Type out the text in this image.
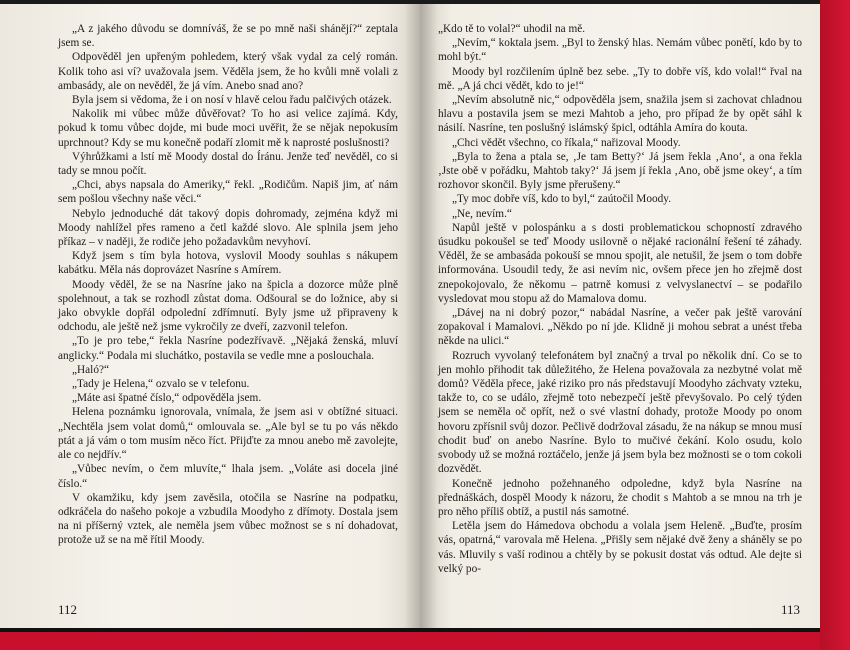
„A z jakého důvodu se domníváš, že se po mně naši shánějí?“ zeptala jsem se.

Odpověděl jen upřeným pohledem, který však vydal za celý román. Kolik toho asi ví? uvažovala jsem. Věděla jsem, že ho kvůli mně volali z ambasády, ale on nevěděl, že já vím. Anebo snad ano?

Byla jsem si vědoma, že i on nosí v hlavě celou řadu palčivých otázek.

Nakolik mi vůbec může důvěřovat? To ho asi velice zajímá. Kdy, pokud k tomu vůbec dojde, mi bude moci uvěřit, že se nějak nepokusím uprchnout? Kdy se mu konečně podaří zlomit mě k naprosté poslušnosti?

Výhrůžkami a lstí mě Moody dostal do Íránu. Jenže teď nevěděl, co si tady se mnou počít.

„Chci, abys napsala do Ameriky,“ řekl. „Rodičům. Napiš jim, ať nám sem pošlou všechny naše věci.“

Nebylo jednoduché dát takový dopis dohromady, zejména když mi Moody nahlížel přes rameno a četl každé slovo. Ale splnila jsem jeho příkaz – v naději, že rodiče jeho požadavkům nevyhoví.

Když jsem s tím byla hotova, vyslovil Moody souhlas s nákupem kabátku. Měla nás doprovázet Nasríne s Amírem.

Moody věděl, že se na Nasríne jako na špicla a dozorce může plně spolehnout, a tak se rozhodl zůstat doma. Odšoural se do ložnice, aby si jako obvykle dopřál odpolední zdřímnutí. Byly jsme už připraveny k odchodu, ale ještě než jsme vykročily ze dveří, zazvonil telefon.

„To je pro tebe,“ řekla Nasríne podezřívavě. „Nějaká ženská, mluví anglicky.“ Podala mi sluchátko, postavila se vedle mne a poslouchala.

„Haló?“

„Tady je Helena,“ ozvalo se v telefonu.

„Máte asi špatné číslo,“ odpověděla jsem.

Helena poznámku ignorovala, vnímala, že jsem asi v obtížné situaci. „Nechtěla jsem volat domů,“ omlouvala se. „Ale byl se tu po vás někdo ptát a já vám o tom musím něco říct. Přijďte za mnou anebo mě zavolejte, ale co nejdřív.“

„Vůbec nevím, o čem mluvíte,“ lhala jsem. „Voláte asi docela jiné číslo.“

V okamžiku, kdy jsem zavěsila, otočila se Nasríne na podpatku, odkráčela do našeho pokoje a vzbudila Moodyho z dřímoty. Dostala jsem na ni příšerný vztek, ale neměla jsem vůbec možnost se s ní dohadovat, protože už se na mě řítil Moody.

112

„Kdo tě to volal?“ uhodil na mě.

„Nevím,“ koktala jsem. „Byl to ženský hlas. Nemám vůbec ponětí, kdo by to mohl být.“

Moody byl rozčilením úplně bez sebe. „Ty to dobře víš, kdo volal!“ řval na mě. „A já chci vědět, kdo to je!“

„Nevím absolutně nic,“ odpověděla jsem, snažila jsem si zachovat chladnou hlavu a postavila jsem se mezi Mahtob a jeho, pro případ že by opět sáhl k násilí. Nasríne, ten poslušný islámský špicl, odtáhla Amíra do kouta.

„Chci vědět všechno, co říkala,“ nařizoval Moody.

„Byla to žena a ptala se, ‚Je tam Betty?‘ Já jsem řekla ‚Ano‘, a ona řekla ‚Jste obě v pořádku, Mahtob taky?‘ Já jsem jí řekla ‚Ano, obě jsme okey‘, a tím rozhovor skončil. Byly jsme přerušeny.“

„Ty moc dobře víš, kdo to byl,“ zaútočil Moody.

„Ne, nevím.“

Napůl ještě v polospánku a s dosti problematickou schopností zdravého úsudku pokoušel se teď Moody usilovně o nějaké racionální řešení té záhady. Věděl, že se ambasáda pokouší se mnou spojit, ale netušil, že jsem o tom dobře informována. Usoudil tedy, že asi nevím nic, ovšem přece jen ho zřejmě dost znepokojovalo, že někomu – patrně komusi z velvyslanectví – se podařilo vysledovat mou stopu až do Mamalova domu.

„Dávej na ni dobrý pozor,“ nabádal Nasríne, a večer pak ještě varování zopakoval i Mamalovi. „Někdo po ní jde. Klidně ji mohou sebrat a unést třeba někde na ulici.“

Rozruch vyvolaný telefonátem byl značný a trval po několik dní. Co se to jen mohlo přihodit tak důležitého, že Helena považovala za nezbytné volat mě domů? Věděla přece, jaké riziko pro nás představují Moodyho záchvaty vzteku, takže to, co se událo, zřejmě toto nebezpečí ještě převyšovalo. Po celý týden jsem se neměla oč opřít, než o své vlastní dohady, protože Moody po onom hovoru zpřísnil svůj dozor. Pečlivě dodržoval zásadu, že na nákup se mnou musí chodit buď on anebo Nasríne. Bylo to mučivé čekání. Kolo osudu, kolo svobody už se možná roztáčelo, jenže já jsem byla bez možnosti se o tom cokoli dozvědět.

Konečně jednoho požehnaného odpoledne, když byla Nasríne na přednáškách, dospěl Moody k názoru, že chodit s Mahtob a se mnou na trh je pro něho příliš obtíž, a pustil nás samotné.

Letěla jsem do Hámedova obchodu a volala jsem Heleně. „Buďte, prosím vás, opatrná,“ varovala mě Helena. „Přišly sem nějaké dvě ženy a sháněly se po vás. Mluvily s vaší rodinou a chtěly by se pokusit dostat vás odtud. Ale dejte si velký po-

113
